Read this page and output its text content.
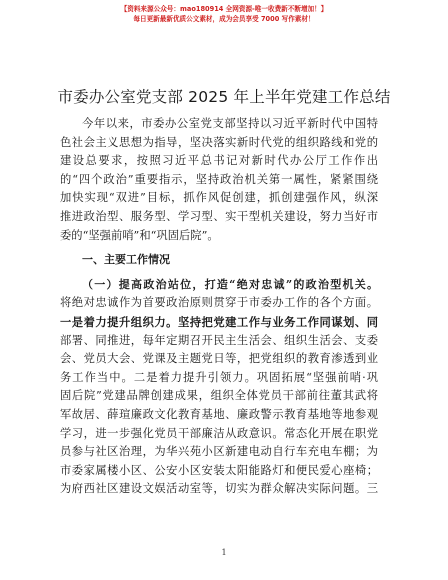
【资料来源公众号：mao180914 全网资源-唯一收费新不断增加！】
每日更新最新优质公文素材，成为会员享受 7000 写作素材！
市委办公室党支部 2025 年上半年党建工作总结
今年以来，市委办公室党支部坚持以习近平新时代中国特
色社会主义思想为指导，坚决落实新时代党的组织路线和党的
建设总要求，按照习近平总书记对新时代办公厅工作作出
的“四个政治”重要指示，坚持政治机关第一属性，紧紧围绕
加快实现“双进”目标，抓作风促创建，抓创建强作风，纵深
推进政治型、服务型、学习型、实干型机关建设，努力当好市
委的“坚强前哨”和“巩固后院”。
一、主要工作情况
（一）提高政治站位，打造“绝对忠诚”的政治型机关。
将绝对忠诚作为首要政治原则贯穿于市委办工作的各个方面。
一是着力提升组织力。坚持把党建工作与业务工作同谋划、同
部署、同推进，每年定期召开民主生活会、组织生活会、支委
会、党员大会、党课及主题党日等，把党组织的教育渗透到业
务工作当中。二是着力提升引领力。巩固拓展“坚强前哨·巩
固后院”党建品牌创建成果，组织全体党员干部前往董其武将
军故居、薛瑄廉政文化教育基地、廉政警示教育基地等地参观
学习，进一步强化党员干部廉洁从政意识。常态化开展在职党
员参与社区治理，为华兴苑小区新建电动自行车充电车棚；为
市委家属楼小区、公安小区安装太阳能路灯和便民爱心座椅；
为府西社区建设文娱活动室等，切实为群众解决实际问题。三
1
